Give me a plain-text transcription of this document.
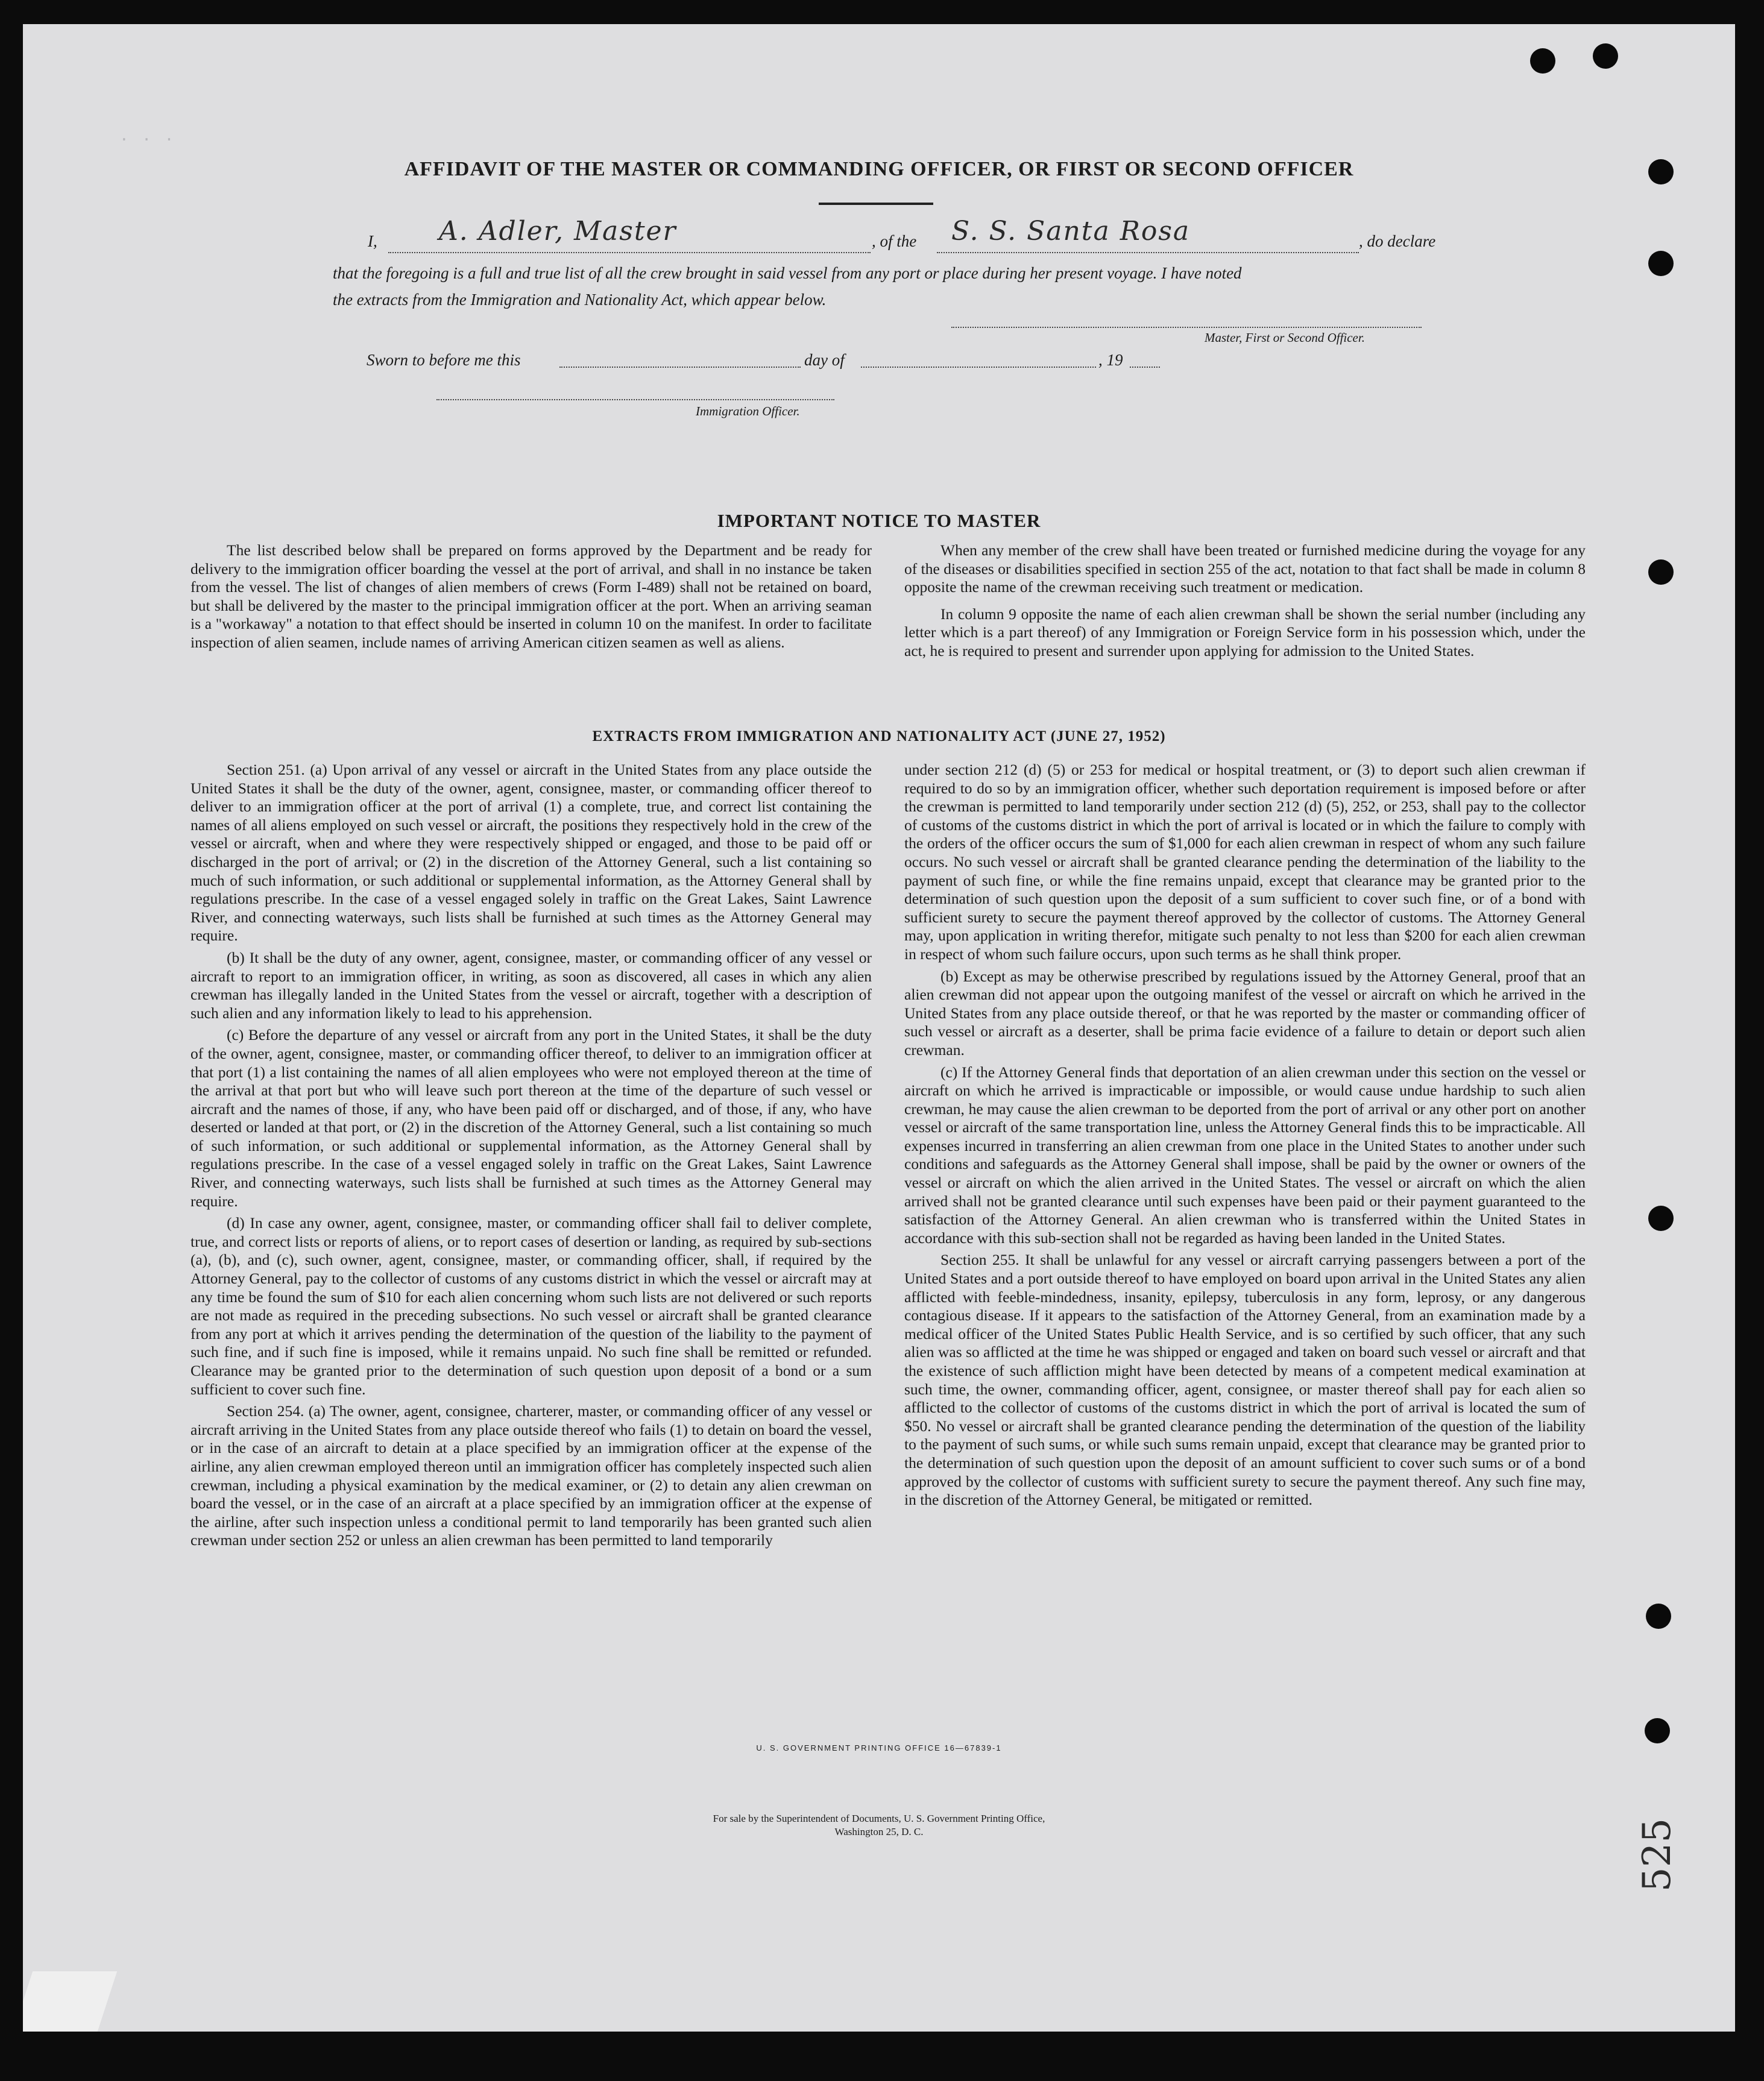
. . .
AFFIDAVIT OF THE MASTER OR COMMANDING OFFICER, OR FIRST OR SECOND OFFICER
I, A. Adler, Master	, of the S. S. Santa Rosa	, do declare
that the foregoing is a full and true list of all the crew brought in said vessel from any port or place during her present voyage. I have noted
the extracts from the Immigration and Nationality Act, which appear below.
Master, First or Second Officer.
Sworn to before me this	day of	, 19
Immigration Officer.
IMPORTANT NOTICE TO MASTER

The list described below shall be prepared on forms approved by the Department and be ready for delivery to the immigration officer boarding the vessel at the port of arrival, and shall in no instance be taken from the vessel. The list of changes of alien members of crews (Form I-489) shall not be retained on board, but shall be delivered by the master to the principal immigration officer at the port. When an arriving seaman is a "workaway" a notation to that effect should be inserted in column 10 on the manifest. In order to facilitate inspection of alien seamen, include names of arriving American citizen seamen as well as aliens.

When any member of the crew shall have been treated or furnished medicine during the voyage for any of the diseases or disabilities specified in section 255 of the act, notation to that fact shall be made in column 8 opposite the name of the crewman receiving such treatment or medication.

In column 9 opposite the name of each alien crewman shall be shown the serial number (including any letter which is a part thereof) of any Immigration or Foreign Service form in his possession which, under the act, he is required to present and surrender upon applying for admission to the United States.

EXTRACTS FROM IMMIGRATION AND NATIONALITY ACT (JUNE 27, 1952)

Section 251. (a) Upon arrival of any vessel or aircraft in the United States from any place outside the United States it shall be the duty of the owner, agent, consignee, master, or commanding officer thereof to deliver to an immigration officer at the port of arrival (1) a complete, true, and correct list containing the names of all aliens employed on such vessel or aircraft, the positions they respectively hold in the crew of the vessel or aircraft, when and where they were respectively shipped or engaged, and those to be paid off or discharged in the port of arrival; or (2) in the discretion of the Attorney General, such a list containing so much of such information, or such additional or supplemental information, as the Attorney General shall by regulations prescribe. In the case of a vessel engaged solely in traffic on the Great Lakes, Saint Lawrence River, and connecting waterways, such lists shall be furnished at such times as the Attorney General may require.

(b) It shall be the duty of any owner, agent, consignee, master, or commanding officer of any vessel or aircraft to report to an immigration officer, in writing, as soon as discovered, all cases in which any alien crewman has illegally landed in the United States from the vessel or aircraft, together with a description of such alien and any information likely to lead to his apprehension.

(c) Before the departure of any vessel or aircraft from any port in the United States, it shall be the duty of the owner, agent, consignee, master, or commanding officer thereof, to deliver to an immigration officer at that port (1) a list containing the names of all alien employees who were not employed thereon at the time of the arrival at that port but who will leave such port thereon at the time of the departure of such vessel or aircraft and the names of those, if any, who have been paid off or discharged, and of those, if any, who have deserted or landed at that port, or (2) in the discretion of the Attorney General, such a list containing so much of such information, or such additional or supplemental information, as the Attorney General shall by regulations prescribe. In the case of a vessel engaged solely in traffic on the Great Lakes, Saint Lawrence River, and connecting waterways, such lists shall be furnished at such times as the Attorney General may require.

(d) In case any owner, agent, consignee, master, or commanding officer shall fail to deliver complete, true, and correct lists or reports of aliens, or to report cases of desertion or landing, as required by sub-sections (a), (b), and (c), such owner, agent, consignee, master, or commanding officer, shall, if required by the Attorney General, pay to the collector of customs of any customs district in which the vessel or aircraft may at any time be found the sum of $10 for each alien concerning whom such lists are not delivered or such reports are not made as required in the preceding subsections. No such vessel or aircraft shall be granted clearance from any port at which it arrives pending the determination of the question of the liability to the payment of such fine, and if such fine is imposed, while it remains unpaid. No such fine shall be remitted or refunded. Clearance may be granted prior to the determination of such question upon deposit of a bond or a sum sufficient to cover such fine.

Section 254. (a) The owner, agent, consignee, charterer, master, or commanding officer of any vessel or aircraft arriving in the United States from any place outside thereof who fails (1) to detain on board the vessel, or in the case of an aircraft to detain at a place specified by an immigration officer at the expense of the airline, any alien crewman employed thereon until an immigration officer has completely inspected such alien crewman, including a physical examination by the medical examiner, or (2) to detain any alien crewman on board the vessel, or in the case of an aircraft at a place specified by an immigration officer at the expense of the airline, after such inspection unless a conditional permit to land temporarily has been granted such alien crewman under section 252 or unless an alien crewman has been permitted to land temporarily

under section 212 (d) (5) or 253 for medical or hospital treatment, or (3) to deport such alien crewman if required to do so by an immigration officer, whether such deportation requirement is imposed before or after the crewman is permitted to land temporarily under section 212 (d) (5), 252, or 253, shall pay to the collector of customs of the customs district in which the port of arrival is located or in which the failure to comply with the orders of the officer occurs the sum of $1,000 for each alien crewman in respect of whom any such failure occurs. No such vessel or aircraft shall be granted clearance pending the determination of the liability to the payment of such fine, or while the fine remains unpaid, except that clearance may be granted prior to the determination of such question upon the deposit of a sum sufficient to cover such fine, or of a bond with sufficient surety to secure the payment thereof approved by the collector of customs. The Attorney General may, upon application in writing therefor, mitigate such penalty to not less than $200 for each alien crewman in respect of whom such failure occurs, upon such terms as he shall think proper.

(b) Except as may be otherwise prescribed by regulations issued by the Attorney General, proof that an alien crewman did not appear upon the outgoing manifest of the vessel or aircraft on which he arrived in the United States from any place outside thereof, or that he was reported by the master or commanding officer of such vessel or aircraft as a deserter, shall be prima facie evidence of a failure to detain or deport such alien crewman.

(c) If the Attorney General finds that deportation of an alien crewman under this section on the vessel or aircraft on which he arrived is impracticable or impossible, or would cause undue hardship to such alien crewman, he may cause the alien crewman to be deported from the port of arrival or any other port on another vessel or aircraft of the same transportation line, unless the Attorney General finds this to be impracticable. All expenses incurred in transferring an alien crewman from one place in the United States to another under such conditions and safeguards as the Attorney General shall impose, shall be paid by the owner or owners of the vessel or aircraft on which the alien arrived in the United States. The vessel or aircraft on which the alien arrived shall not be granted clearance until such expenses have been paid or their payment guaranteed to the satisfaction of the Attorney General. An alien crewman who is transferred within the United States in accordance with this sub-section shall not be regarded as having been landed in the United States.

Section 255. It shall be unlawful for any vessel or aircraft carrying passengers between a port of the United States and a port outside thereof to have employed on board upon arrival in the United States any alien afflicted with feeble-mindedness, insanity, epilepsy, tuberculosis in any form, leprosy, or any dangerous contagious disease. If it appears to the satisfaction of the Attorney General, from an examination made by a medical officer of the United States Public Health Service, and is so certified by such officer, that any such alien was so afflicted at the time he was shipped or engaged and taken on board such vessel or aircraft and that the existence of such affliction might have been detected by means of a competent medical examination at such time, the owner, commanding officer, agent, consignee, or master thereof shall pay for each alien so afflicted to the collector of customs of the customs district in which the port of arrival is located the sum of $50. No vessel or aircraft shall be granted clearance pending the determination of the question of the liability to the payment of such sums, or while such sums remain unpaid, except that clearance may be granted prior to the determination of such question upon the deposit of an amount sufficient to cover such sums or of a bond approved by the collector of customs with sufficient surety to secure the payment thereof. Any such fine may, in the discretion of the Attorney General, be mitigated or remitted.

U. S. GOVERNMENT PRINTING OFFICE 16—67839-1
For sale by the Superintendent of Documents, U. S. Government Printing Office,
Washington 25, D. C.	525
